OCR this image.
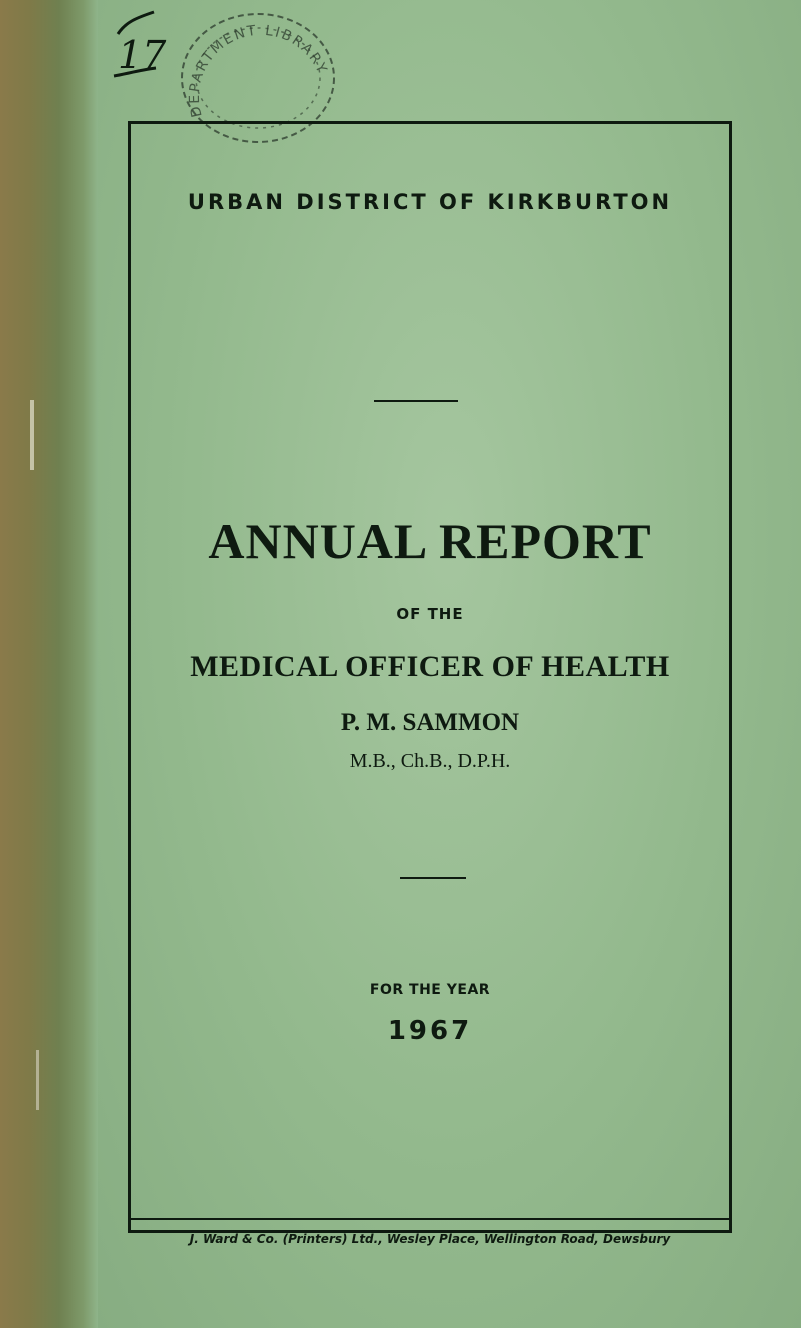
17
DEPARTMENT LIBRARY
URBAN DISTRICT OF KIRKBURTON
ANNUAL REPORT
OF THE
MEDICAL OFFICER OF HEALTH
P. M. SAMMON
M.B., Ch.B., D.P.H.
FOR THE YEAR
1967
J. Ward & Co. (Printers) Ltd., Wesley Place, Wellington Road, Dewsbury
